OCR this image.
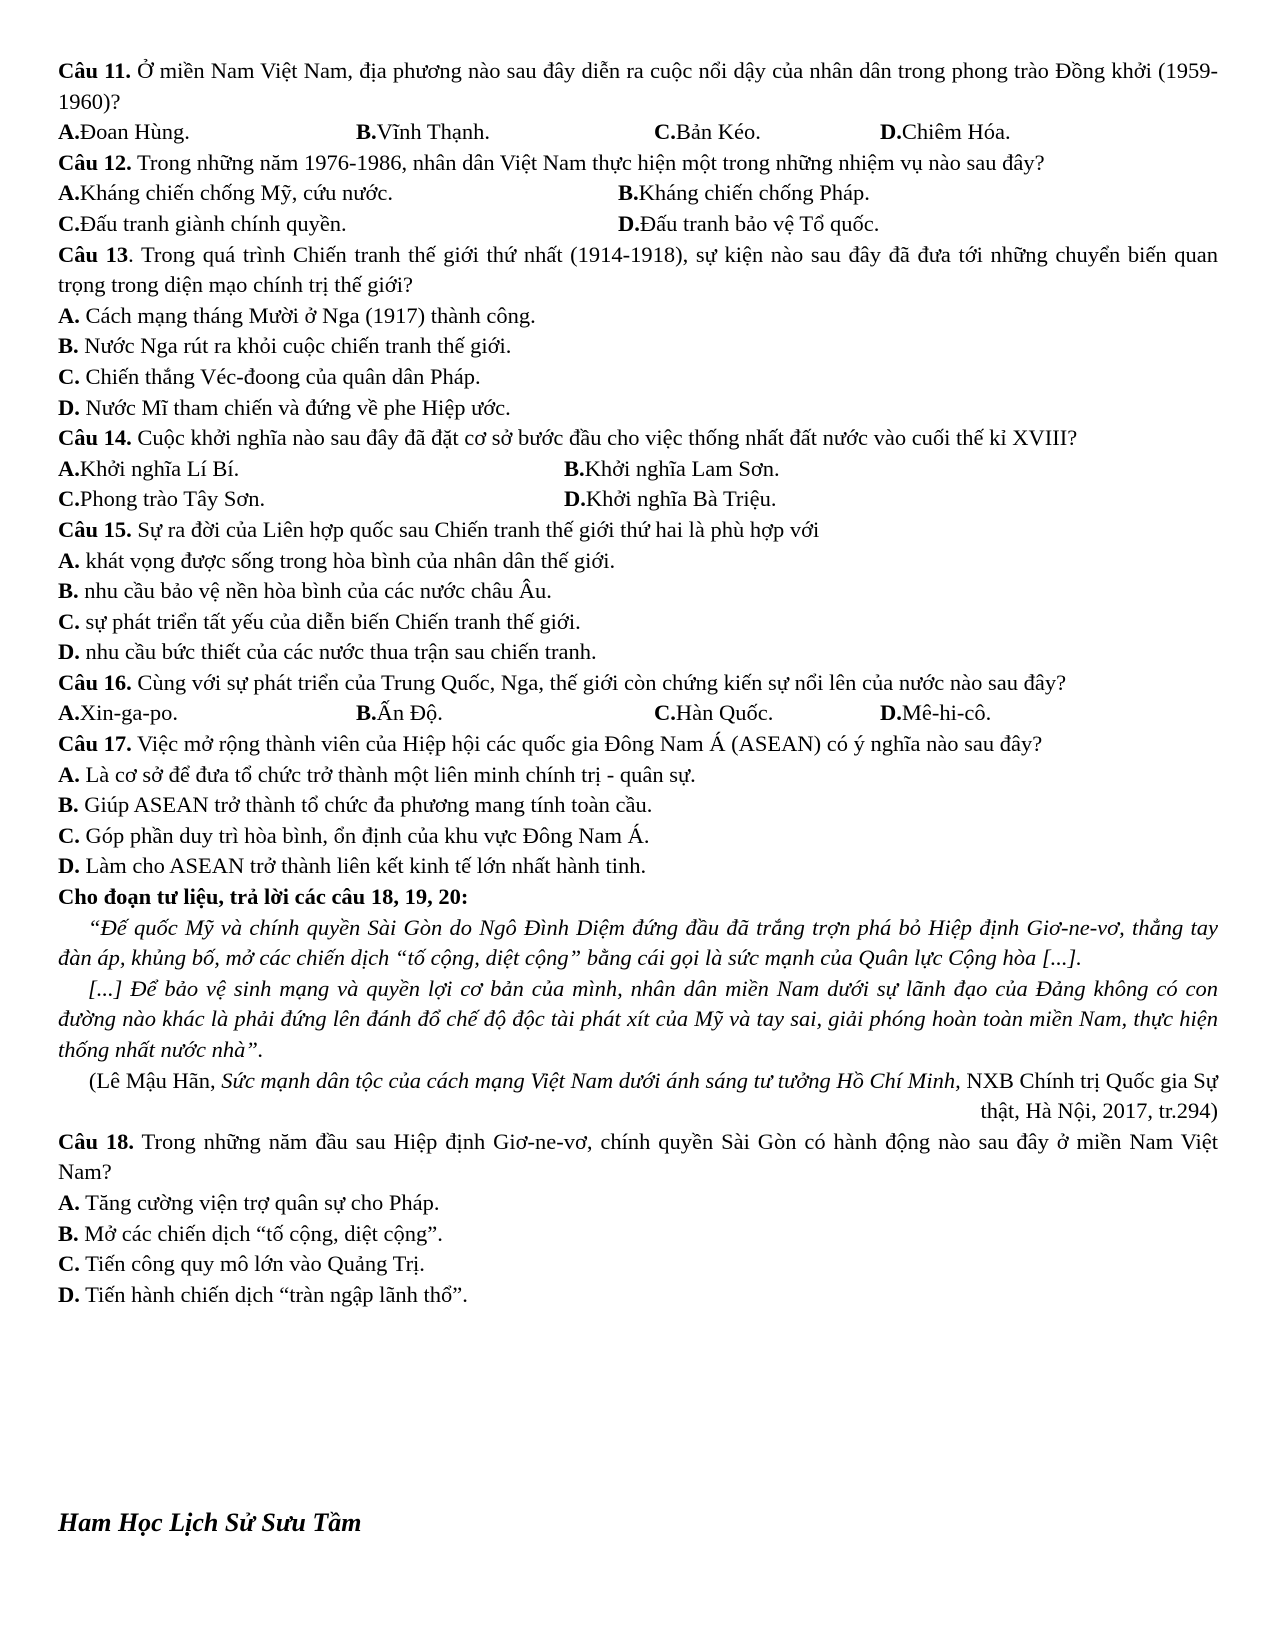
Câu 11. Ở miền Nam Việt Nam, địa phương nào sau đây diễn ra cuộc nổi dậy của nhân dân trong phong trào Đồng khởi (1959-1960)?
A.Đoan Hùng.	B.Vĩnh Thạnh.	C.Bản Kéo.	D.Chiêm Hóa.
Câu 12. Trong những năm 1976-1986, nhân dân Việt Nam thực hiện một trong những nhiệm vụ nào sau đây?
A.Kháng chiến chống Mỹ, cứu nước.	B.Kháng chiến chống Pháp.
C.Đấu tranh giành chính quyền.	D.Đấu tranh bảo vệ Tổ quốc.
Câu 13. Trong quá trình Chiến tranh thế giới thứ nhất (1914-1918), sự kiện nào sau đây đã đưa tới những chuyển biến quan trọng trong diện mạo chính trị thế giới?
A. Cách mạng tháng Mười ở Nga (1917) thành công.
B. Nước Nga rút ra khỏi cuộc chiến tranh thế giới.
C. Chiến thắng Véc-đoong của quân dân Pháp.
D. Nước Mĩ tham chiến và đứng về phe Hiệp ước.
Câu 14. Cuộc khởi nghĩa nào sau đây đã đặt cơ sở bước đầu cho việc thống nhất đất nước vào cuối thế kỉ XVIII?
A.Khởi nghĩa Lí Bí.	B.Khởi nghĩa Lam Sơn.
C.Phong trào Tây Sơn.	D.Khởi nghĩa Bà Triệu.
Câu 15. Sự ra đời của Liên hợp quốc sau Chiến tranh thế giới thứ hai là phù hợp với
A. khát vọng được sống trong hòa bình của nhân dân thế giới.
B. nhu cầu bảo vệ nền hòa bình của các nước châu Âu.
C. sự phát triển tất yếu của diễn biến Chiến tranh thế giới.
D. nhu cầu bức thiết của các nước thua trận sau chiến tranh.
Câu 16. Cùng với sự phát triển của Trung Quốc, Nga, thế giới còn chứng kiến sự nổi lên của nước nào sau đây?
A.Xin-ga-po.	B.Ấn Độ.	C.Hàn Quốc.	D.Mê-hi-cô.
Câu 17. Việc mở rộng thành viên của Hiệp hội các quốc gia Đông Nam Á (ASEAN) có ý nghĩa nào sau đây?
A. Là cơ sở để đưa tổ chức trở thành một liên minh chính trị - quân sự.
B. Giúp ASEAN trở thành tổ chức đa phương mang tính toàn cầu.
C. Góp phần duy trì hòa bình, ổn định của khu vực Đông Nam Á.
D. Làm cho ASEAN trở thành liên kết kinh tế lớn nhất hành tinh.
Cho đoạn tư liệu, trả lời các câu 18, 19, 20:
“Đế quốc Mỹ và chính quyền Sài Gòn do Ngô Đình Diệm đứng đầu đã trắng trợn phá bỏ Hiệp định Giơ-ne-vơ, thẳng tay đàn áp, khủng bố, mở các chiến dịch “tố cộng, diệt cộng” bằng cái gọi là sức mạnh của Quân lực Cộng hòa [...].
[...] Để bảo vệ sinh mạng và quyền lợi cơ bản của mình, nhân dân miền Nam dưới sự lãnh đạo của Đảng không có con đường nào khác là phải đứng lên đánh đổ chế độ độc tài phát xít của Mỹ và tay sai, giải phóng hoàn toàn miền Nam, thực hiện thống nhất nước nhà”.
(Lê Mậu Hãn, Sức mạnh dân tộc của cách mạng Việt Nam dưới ánh sáng tư tưởng Hồ Chí Minh, NXB Chính trị Quốc gia Sự thật, Hà Nội, 2017, tr.294)
Câu 18. Trong những năm đầu sau Hiệp định Giơ-ne-vơ, chính quyền Sài Gòn có hành động nào sau đây ở miền Nam Việt Nam?
A. Tăng cường viện trợ quân sự cho Pháp.
B. Mở các chiến dịch “tố cộng, diệt cộng”.
C. Tiến công quy mô lớn vào Quảng Trị.
D. Tiến hành chiến dịch “tràn ngập lãnh thổ”.
Ham Học Lịch Sử Sưu Tầm
